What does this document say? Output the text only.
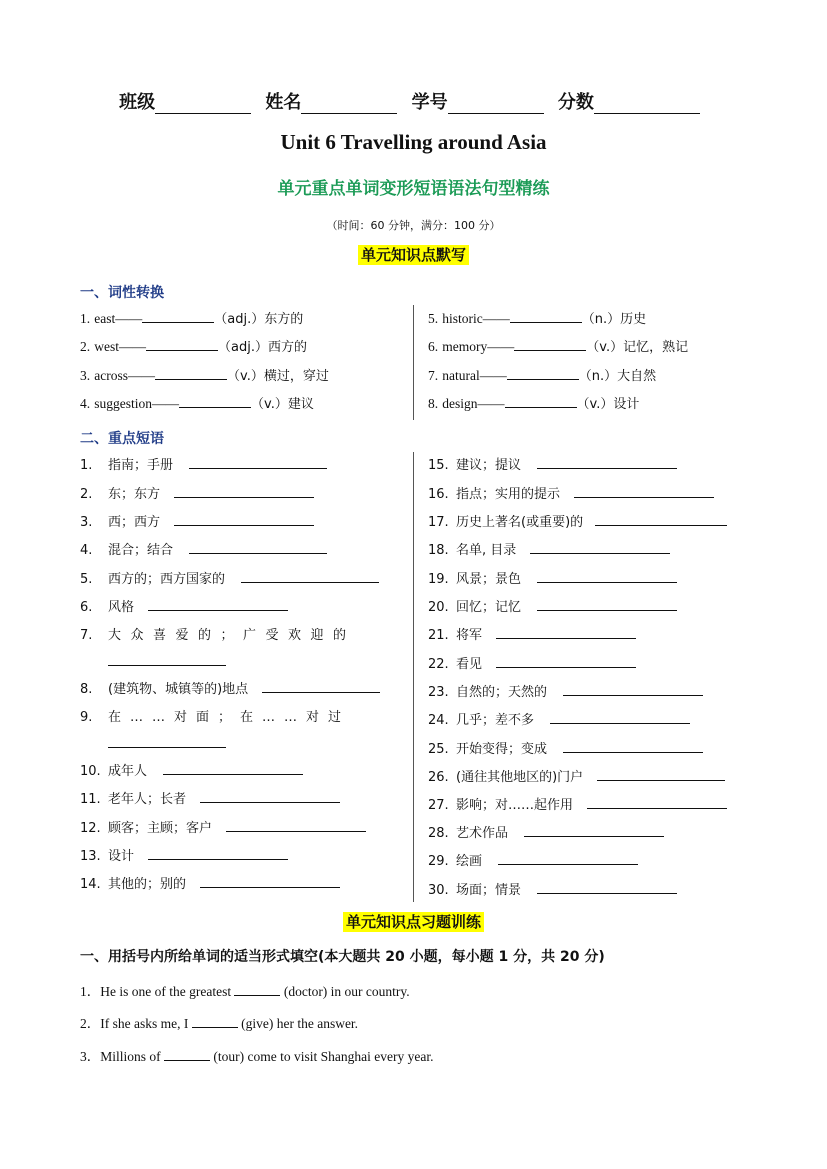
班级	姓名	学号	分数
Unit 6 Travelling around Asia
单元重点单词变形短语语法句型精练
（时间：60 分钟，满分：100 分）
单元知识点默写
一、词性转换
1. east——	（adj.）东方的
2. west——	（adj.）西方的
3. across——	（v.）横过，穿过
4. suggestion——	（v.）建议
5. historic——	（n.）历史
6. memory——	（v.）记忆，熟记
7. natural——	（n.）大自然
8. design——	（v.）设计
二、重点短语
1. 指南；手册
2. 东；东方
3. 西；西方
4. 混合；结合
5. 西方的；西方国家的
6. 风格
7. 大众喜爱的；广受欢迎的
8. (建筑物、城镇等的)地点
9. 在……对面；在……对过
10. 成年人
11. 老年人；长者
12. 顾客；主顾；客户
13. 设计
14. 其他的；别的
15. 建议；提议
16. 指点；实用的提示
17. 历史上著名(或重要)的
18. 名单, 目录
19. 风景；景色
20. 回忆；记忆
21. 将军
22. 看见
23. 自然的；天然的
24. 几乎；差不多
25. 开始变得；变成
26. (通往其他地区的)门户
27. 影响；对……起作用
28. 艺术作品
29. 绘画
30. 场面；情景
单元知识点习题训练
一、用括号内所给单词的适当形式填空(本大题共 20 小题，每小题 1 分，共 20 分)
1．He is one of the greatest	(doctor) in our country.
2．If she asks me, I	(give) her the answer.
3．Millions of	(tour) come to visit Shanghai every year.
